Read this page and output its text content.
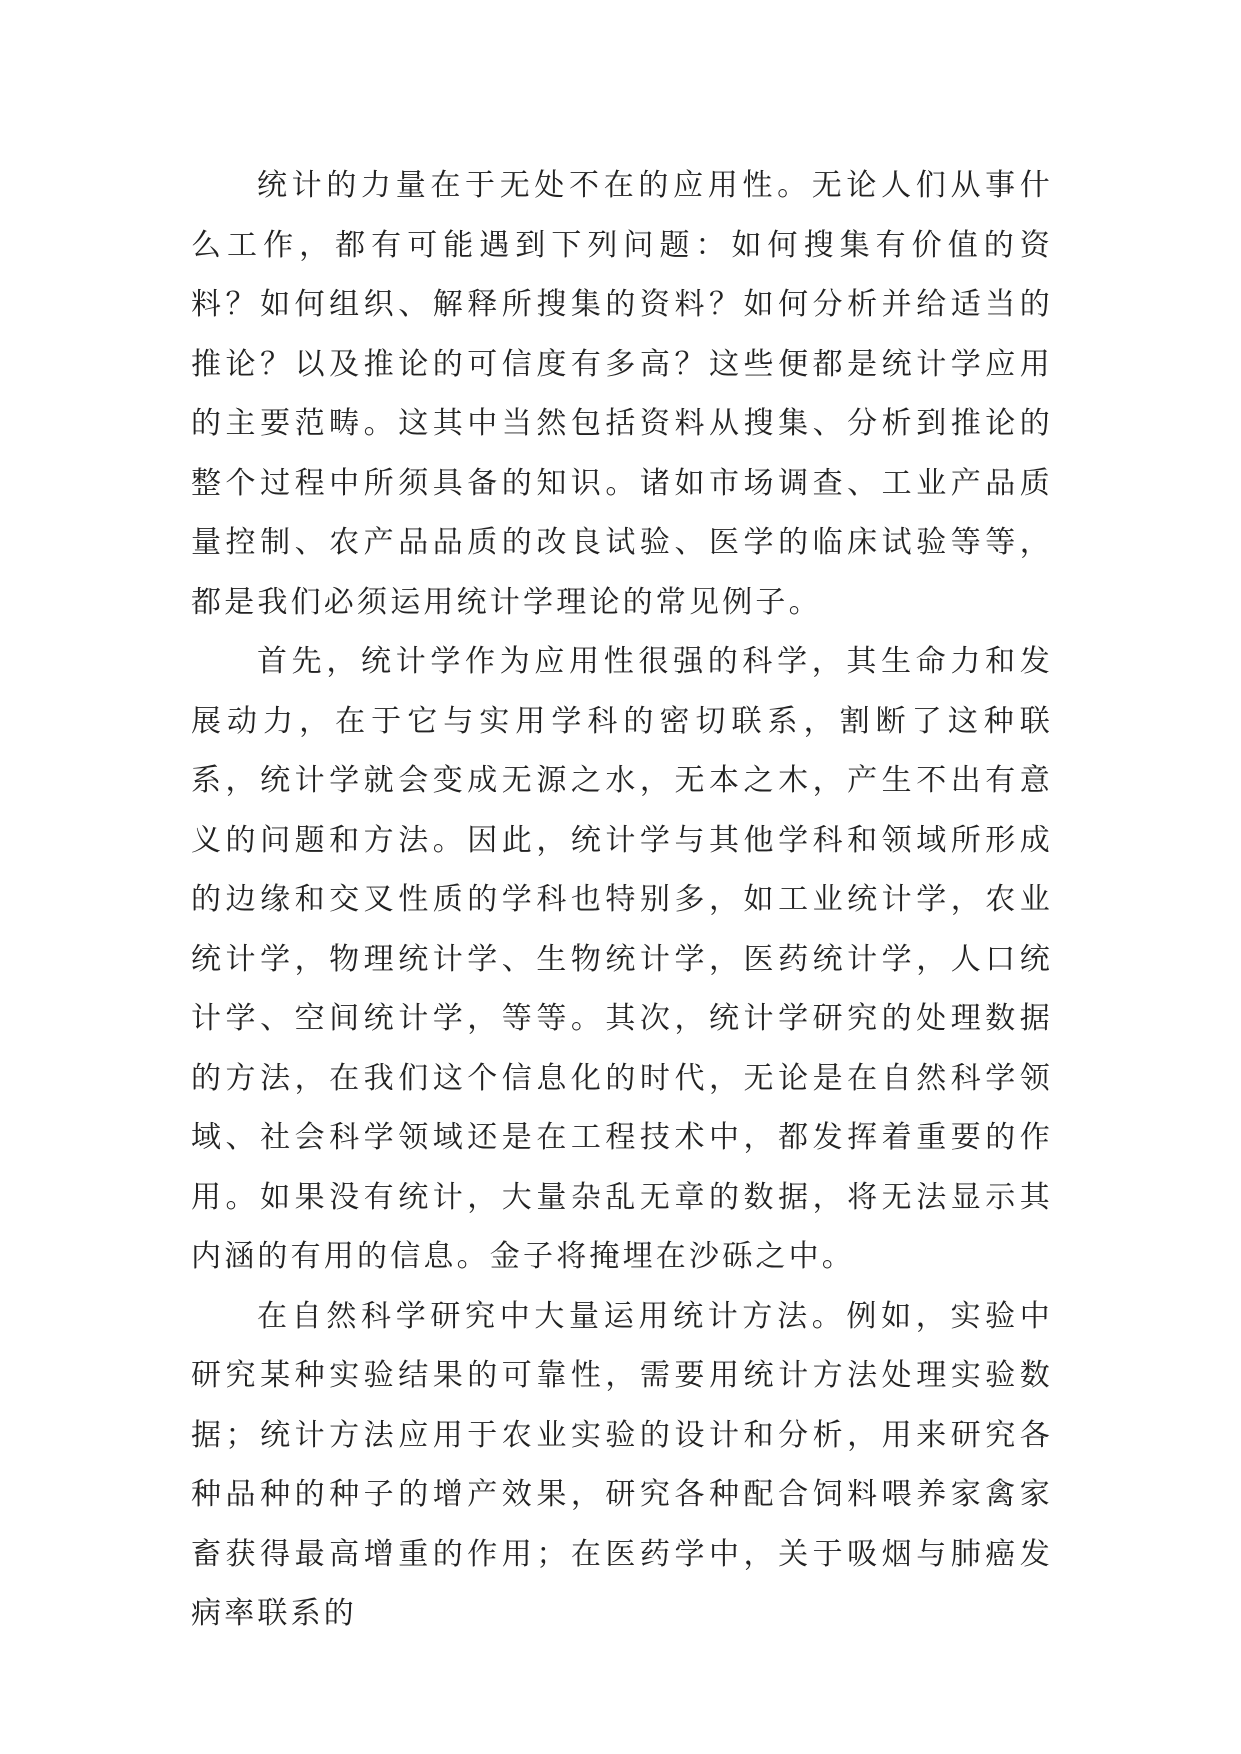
统计的力量在于无处不在的应用性。无论人们从事什么工作，都有可能遇到下列问题：如何搜集有价值的资料？如何组织、解释所搜集的资料？如何分析并给适当的推论？以及推论的可信度有多高？这些便都是统计学应用的主要范畴。这其中当然包括资料从搜集、分析到推论的整个过程中所须具备的知识。诸如市场调查、工业产品质量控制、农产品品质的改良试验、医学的临床试验等等，都是我们必须运用统计学理论的常见例子。

首先，统计学作为应用性很强的科学，其生命力和发展动力，在于它与实用学科的密切联系，割断了这种联系，统计学就会变成无源之水，无本之木，产生不出有意义的问题和方法。因此，统计学与其他学科和领域所形成的边缘和交叉性质的学科也特别多，如工业统计学，农业统计学，物理统计学、生物统计学，医药统计学，人口统计学、空间统计学，等等。其次，统计学研究的处理数据的方法，在我们这个信息化的时代，无论是在自然科学领域、社会科学领域还是在工程技术中，都发挥着重要的作用。如果没有统计，大量杂乱无章的数据，将无法显示其内涵的有用的信息。金子将掩埋在沙砾之中。

在自然科学研究中大量运用统计方法。例如，实验中研究某种实验结果的可靠性，需要用统计方法处理实验数据；统计方法应用于农业实验的设计和分析，用来研究各种品种的种子的增产效果，研究各种配合饲料喂养家禽家畜获得最高增重的作用；在医药学中，关于吸烟与肺癌发病率联系的
